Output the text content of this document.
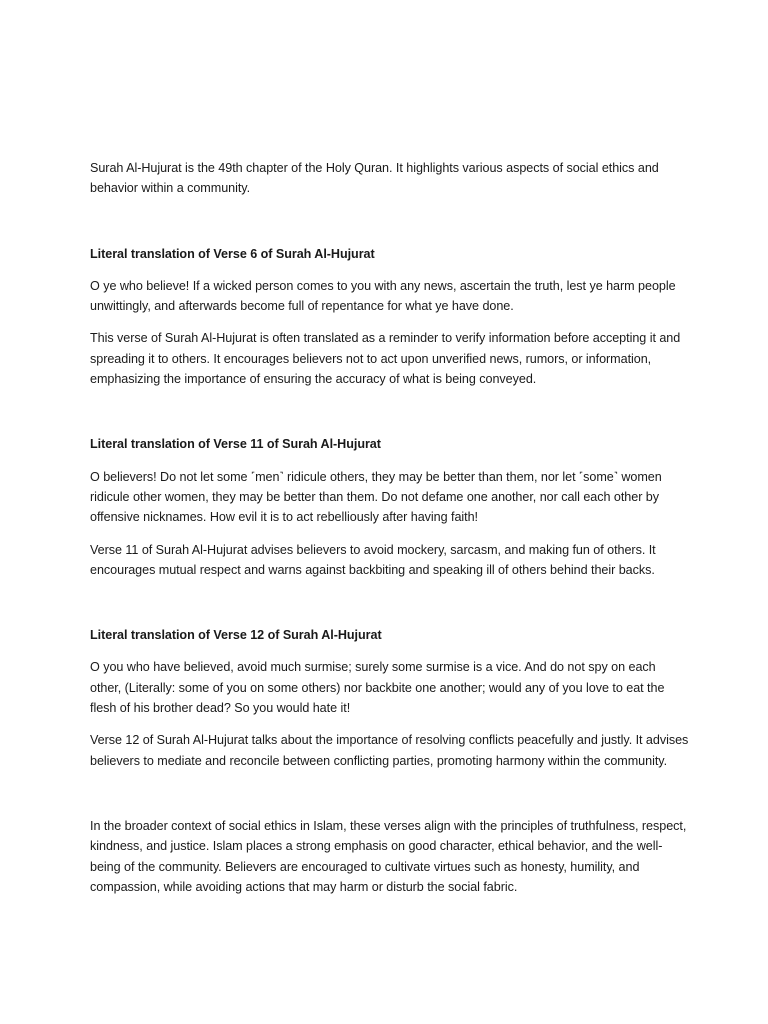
Surah Al-Hujurat is the 49th chapter of the Holy Quran. It highlights various aspects of social ethics and behavior within a community.

Literal translation of Verse 6 of Surah Al-Hujurat

O ye who believe! If a wicked person comes to you with any news, ascertain the truth, lest ye harm people unwittingly, and afterwards become full of repentance for what ye have done.

This verse of Surah Al-Hujurat is often translated as a reminder to verify information before accepting it and spreading it to others. It encourages believers not to act upon unverified news, rumors, or information, emphasizing the importance of ensuring the accuracy of what is being conveyed.

Literal translation of Verse 11 of Surah Al-Hujurat

O believers! Do not let some ˹men˺ ridicule others, they may be better than them, nor let ˹some˺ women ridicule other women, they may be better than them. Do not defame one another, nor call each other by offensive nicknames. How evil it is to act rebelliously after having faith!

Verse 11 of Surah Al-Hujurat advises believers to avoid mockery, sarcasm, and making fun of others. It encourages mutual respect and warns against backbiting and speaking ill of others behind their backs.

Literal translation of Verse 12 of Surah Al-Hujurat

O you who have believed, avoid much surmise; surely some surmise is a vice. And do not spy on each other, (Literally: some of you on some others) nor backbite one another; would any of you love to eat the flesh of his brother dead? So you would hate it!

Verse 12 of Surah Al-Hujurat talks about the importance of resolving conflicts peacefully and justly. It advises believers to mediate and reconcile between conflicting parties, promoting harmony within the community.

In the broader context of social ethics in Islam, these verses align with the principles of truthfulness, respect, kindness, and justice. Islam places a strong emphasis on good character, ethical behavior, and the well-being of the community. Believers are encouraged to cultivate virtues such as honesty, humility, and compassion, while avoiding actions that may harm or disturb the social fabric.
